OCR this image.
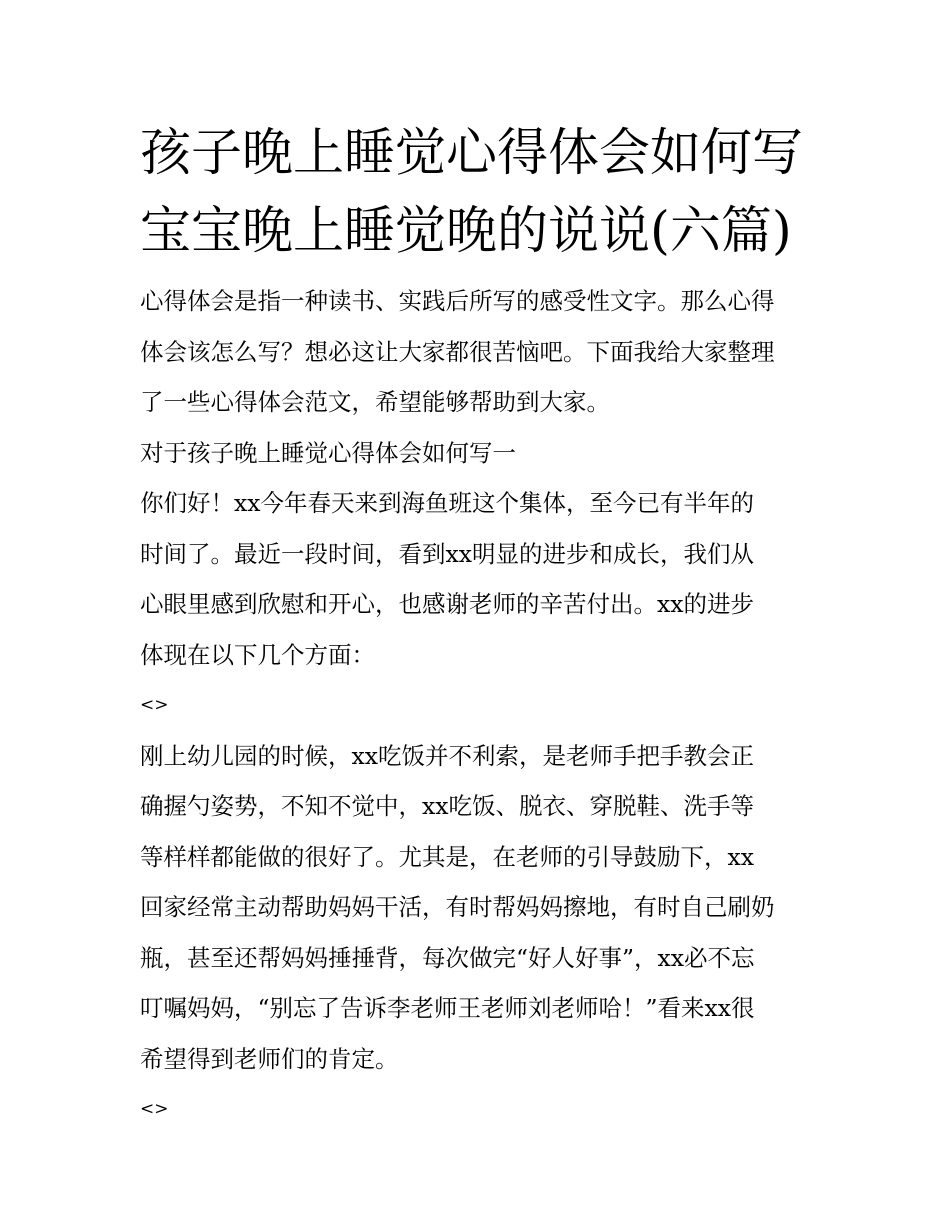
孩子晚上睡觉心得体会如何写
宝宝晚上睡觉晚的说说(六篇)
心得体会是指一种读书、实践后所写的感受性文字。那么心得
体会该怎么写？想必这让大家都很苦恼吧。下面我给大家整理
了一些心得体会范文，希望能够帮助到大家。
对于孩子晚上睡觉心得体会如何写一
你们好！xx今年春天来到海鱼班这个集体，至今已有半年的
时间了。最近一段时间，看到xx明显的进步和成长，我们从
心眼里感到欣慰和开心，也感谢老师的辛苦付出。xx的进步
体现在以下几个方面：
<>
刚上幼儿园的时候，xx吃饭并不利索，是老师手把手教会正
确握勺姿势，不知不觉中，xx吃饭、脱衣、穿脱鞋、洗手等
等样样都能做的很好了。尤其是，在老师的引导鼓励下，xx
回家经常主动帮助妈妈干活，有时帮妈妈擦地，有时自己刷奶
瓶，甚至还帮妈妈捶捶背，每次做完“好人好事”，xx必不忘
叮嘱妈妈，“别忘了告诉李老师王老师刘老师哈！”看来xx很
希望得到老师们的肯定。
<>
